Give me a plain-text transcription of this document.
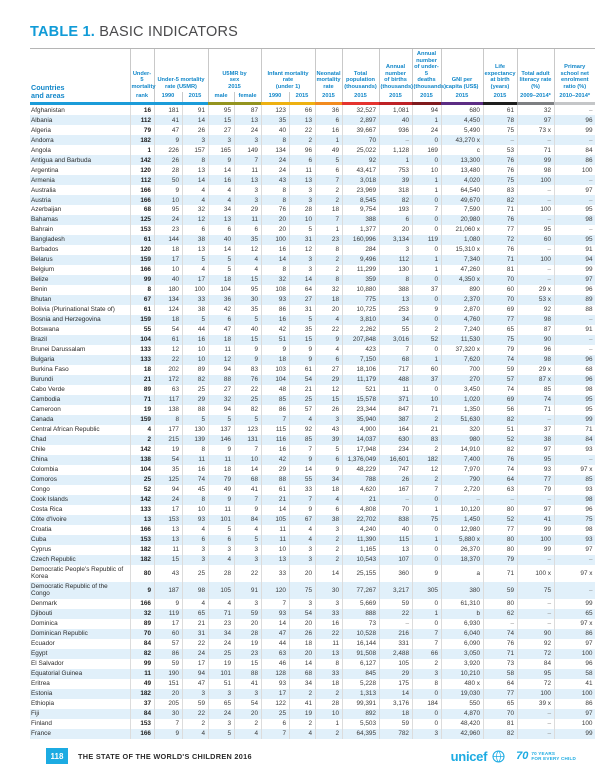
TABLE 1. BASIC INDICATORS
Countries
and areas	Under-5
mortality	Under-5 mortality
rate (U5MR)		U5MR by
sex
2015		Infant mortality
rate
(under 1)		Neonatal
mortality
rate	Total
population
(thousands)	Annual
number
of births
(thousands)	Annual
number
of under-5
deaths
(thousands)	GNI per
capita (US$)	Life
expectancy
at birth
(years)	Total adult
literacy rate
(%)	Primary
school net
enrolment
ratio (%)
	rank	1990	2015	male	female	1990	2015	2015	2015	2015	2015	2015	2015	2009–2014*	2010–2014*

Afghanistan	16	181	91	95	87	123	66	36	32,527	1,081	94	680	61	32	–
Albania	112	41	14	15	13	35	13	6	2,897	40	1	4,450	78	97	96
Algeria	79	47	26	27	24	40	22	16	39,667	936	24	5,490	75	73 x	99
Andorra	182	9	3	3	3	8	2	1	70	–	0	43,270 x	–	–	–
Angola	1	226	157	165	149	134	96	49	25,022	1,128	169	c	53	71	84
Antigua and Barbuda	142	26	8	9	7	24	6	5	92	1	0	13,300	76	99	86
Argentina	120	28	13	14	11	24	11	6	43,417	753	10	13,480	76	98	100
Armenia	112	50	14	16	13	43	13	7	3,018	39	1	4,020	75	100	–
Australia	166	9	4	4	3	8	3	2	23,969	318	1	64,540	83	–	97
Austria	166	10	4	4	3	8	3	2	8,545	82	0	49,670	82	–	–
Azerbaijan	68	95	32	34	29	76	28	18	9,754	193	7	7,590	71	100	95
Bahamas	125	24	12	13	11	20	10	7	388	6	0	20,980	76	–	98
Bahrain	153	23	6	6	6	20	5	1	1,377	20	0	21,060 x	77	95	–
Bangladesh	61	144	38	40	35	100	31	23	160,996	3,134	119	1,080	72	60	95
Barbados	120	18	13	14	12	16	12	8	284	3	0	15,310 x	76	–	91
Belarus	159	17	5	5	4	14	3	2	9,496	112	1	7,340	71	100	94
Belgium	166	10	4	5	4	8	3	2	11,299	130	1	47,260	81	–	99
Belize	99	40	17	18	15	32	14	8	359	8	0	4,350 x	70	–	97
Benin	8	180	100	104	95	108	64	32	10,880	388	37	890	60	29 x	96
Bhutan	67	134	33	36	30	93	27	18	775	13	0	2,370	70	53 x	89
Bolivia (Plurinational State of)	61	124	38	42	35	86	31	20	10,725	253	9	2,870	69	92	88
Bosnia and Herzegovina	159	18	5	6	5	16	5	4	3,810	34	0	4,760	77	98	–
Botswana	55	54	44	47	40	42	35	22	2,262	55	2	7,240	65	87	91
Brazil	104	61	16	18	15	51	15	9	207,848	3,016	52	11,530	75	90	–
Brunei Darussalam	133	12	10	11	9	9	9	4	423	7	0	37,320 x	79	96	–
Bulgaria	133	22	10	12	9	18	9	6	7,150	68	1	7,620	74	98	96
Burkina Faso	18	202	89	94	83	103	61	27	18,106	717	60	700	59	29 x	68
Burundi	21	172	82	88	76	104	54	29	11,179	488	37	270	57	87 x	96
Cabo Verde	89	63	25	27	22	48	21	12	521	11	0	3,450	74	85	98
Cambodia	71	117	29	32	25	85	25	15	15,578	371	10	1,020	69	74	95
Cameroon	19	138	88	94	82	86	57	26	23,344	847	71	1,350	56	71	95
Canada	159	8	5	5	5	7	4	3	35,940	387	2	51,630	82	–	99
Central African Republic	4	177	130	137	123	115	92	43	4,900	164	21	320	51	37	71
Chad	2	215	139	146	131	116	85	39	14,037	630	83	980	52	38	84
Chile	142	19	8	9	7	16	7	5	17,948	234	2	14,910	82	97	93
China	138	54	11	11	10	42	9	6	1,376,049	16,601	182	7,400	76	95	–
Colombia	104	35	16	18	14	29	14	9	48,229	747	12	7,970	74	93	97 x
Comoros	25	125	74	79	68	88	55	34	788	26	2	790	64	77	85
Congo	52	94	45	49	41	61	33	18	4,620	167	7	2,720	63	79	93
Cook Islands	142	24	8	9	7	21	7	4	21	–	0	–	–	–	98
Costa Rica	133	17	10	11	9	14	9	6	4,808	70	1	10,120	80	97	96
Côte d'Ivoire	13	153	93	101	84	105	67	38	22,702	838	75	1,450	52	41	75
Croatia	166	13	4	5	4	11	4	3	4,240	40	0	12,980	77	99	98
Cuba	153	13	6	6	5	11	4	2	11,390	115	1	5,880 x	80	100	93
Cyprus	182	11	3	3	3	10	3	2	1,165	13	0	26,370	80	99	97
Czech Republic	182	15	3	4	3	13	3	2	10,543	107	0	18,370	79	–	–
Democratic People's Republic of Korea	80	43	25	28	22	33	20	14	25,155	360	9	a	71	100 x	97 x
Democratic Republic of the Congo	9	187	98	105	91	120	75	30	77,267	3,217	305	380	59	75	–
Denmark	166	9	4	4	3	7	3	3	5,669	59	0	61,310	80	–	99
Djibouti	32	119	65	71	59	93	54	33	888	22	1	b	62	–	65
Dominica	89	17	21	23	20	14	20	16	73	–	0	6,930	–	–	97 x
Dominican Republic	70	60	31	34	28	47	26	22	10,528	216	7	6,040	74	90	86
Ecuador	84	57	22	24	19	44	18	11	16,144	331	7	6,090	76	92	97
Egypt	82	86	24	25	23	63	20	13	91,508	2,488	66	3,050	71	72	100
El Salvador	99	59	17	19	15	46	14	8	6,127	105	2	3,920	73	84	96
Equatorial Guinea	11	190	94	101	88	128	68	33	845	29	3	10,210	58	95	58
Eritrea	49	151	47	51	41	93	34	18	5,228	175	8	480 x	64	72	41
Estonia	182	20	3	3	3	17	2	2	1,313	14	0	19,030	77	100	100
Ethiopia	37	205	59	65	54	122	41	28	99,391	3,176	184	550	65	39 x	86
Fiji	84	30	22	24	20	25	19	10	892	18	0	4,870	70	–	97
Finland	153	7	2	3	2	6	2	1	5,503	59	0	48,420	81	–	100
France	166	9	4	5	4	7	4	2	64,395	782	3	42,960	82	–	99
118	THE STATE OF THE WORLD'S CHILDREN 2016	unicef	70 70 YEARS
FOR EVERY CHILD
